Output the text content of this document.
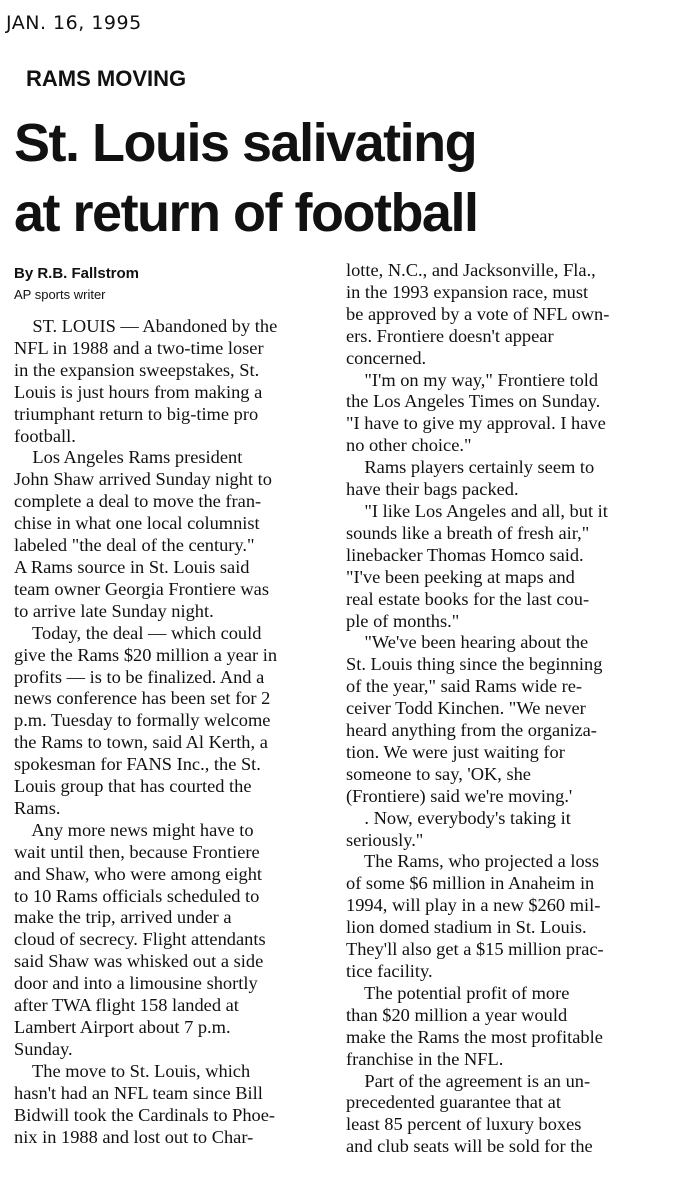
JAN. 16, 1995
RAMS MOVING
St. Louis salivating
at return of football
By R.B. Fallstrom
AP sports writer
ST. LOUIS — Abandoned by the
NFL in 1988 and a two-time loser
in the expansion sweepstakes, St.
Louis is just hours from making a
triumphant return to big-time pro
football.
Los Angeles Rams president
John Shaw arrived Sunday night to
complete a deal to move the fran-
chise in what one local columnist
labeled "the deal of the century."
A Rams source in St. Louis said
team owner Georgia Frontiere was
to arrive late Sunday night.
Today, the deal — which could
give the Rams $20 million a year in
profits — is to be finalized. And a
news conference has been set for 2
p.m. Tuesday to formally welcome
the Rams to town, said Al Kerth, a
spokesman for FANS Inc., the St.
Louis group that has courted the
Rams.
Any more news might have to
wait until then, because Frontiere
and Shaw, who were among eight
to 10 Rams officials scheduled to
make the trip, arrived under a
cloud of secrecy. Flight attendants
said Shaw was whisked out a side
door and into a limousine shortly
after TWA flight 158 landed at
Lambert Airport about 7 p.m.
Sunday.
The move to St. Louis, which
hasn't had an NFL team since Bill
Bidwill took the Cardinals to Phoe-
nix in 1988 and lost out to Char-
lotte, N.C., and Jacksonville, Fla.,
in the 1993 expansion race, must
be approved by a vote of NFL own-
ers. Frontiere doesn't appear
concerned.
"I'm on my way," Frontiere told
the Los Angeles Times on Sunday.
"I have to give my approval. I have
no other choice."
Rams players certainly seem to
have their bags packed.
"I like Los Angeles and all, but it
sounds like a breath of fresh air,"
linebacker Thomas Homco said.
"I've been peeking at maps and
real estate books for the last cou-
ple of months."
"We've been hearing about the
St. Louis thing since the beginning
of the year," said Rams wide re-
ceiver Todd Kinchen. "We never
heard anything from the organiza-
tion. We were just waiting for
someone to say, 'OK, she
(Frontiere) said we're moving.'
. Now, everybody's taking it
seriously."
The Rams, who projected a loss
of some $6 million in Anaheim in
1994, will play in a new $260 mil-
lion domed stadium in St. Louis.
They'll also get a $15 million prac-
tice facility.
The potential profit of more
than $20 million a year would
make the Rams the most profitable
franchise in the NFL.
Part of the agreement is an un-
precedented guarantee that at
least 85 percent of luxury boxes
and club seats will be sold for the
